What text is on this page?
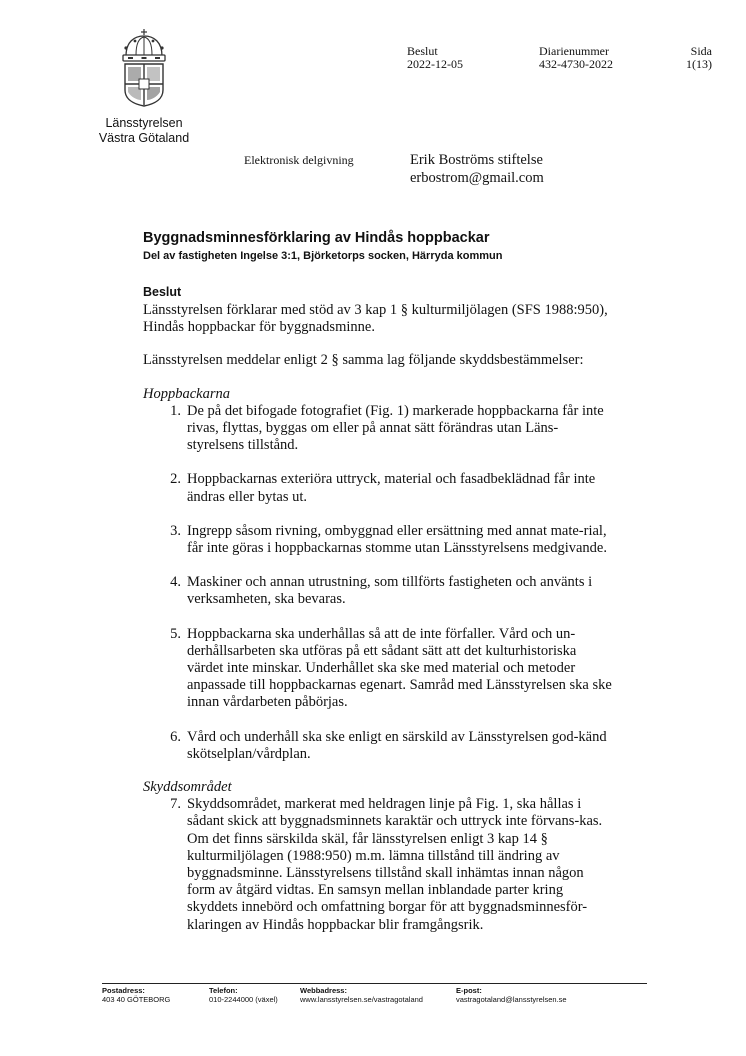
Länsstyrelsen
Västra Götaland
Beslut
2022-12-05
Diarienummer
432-4730-2022
Sida
1(13)
Elektronisk delgivning	Erik Boströms stiftelse
erbostrom@gmail.com
Byggnadsminnesförklaring av Hindås hoppbackar

Del av fastigheten Ingelse 3:1, Björketorps socken, Härryda kommun

Beslut

Länsstyrelsen förklarar med stöd av 3 kap 1 § kulturmiljölagen (SFS 1988:950), Hindås hoppbackar för byggnadsminne.

Länsstyrelsen meddelar enligt 2 § samma lag följande skyddsbestämmelser:

Hoppbackarna

1. De på det bifogade fotografiet (Fig. 1) markerade hoppbackarna får inte rivas, flyttas, byggas om eller på annat sätt förändras utan Läns-styrelsens tillstånd.
2. Hoppbackarnas exteriöra uttryck, material och fasadbeklädnad får inte ändras eller bytas ut.
3. Ingrepp såsom rivning, ombyggnad eller ersättning med annat mate-rial, får inte göras i hoppbackarnas stomme utan Länsstyrelsens medgivande.
4. Maskiner och annan utrustning, som tillförts fastigheten och använts i verksamheten, ska bevaras.
5. Hoppbackarna ska underhållas så att de inte förfaller. Vård och un-derhållsarbeten ska utföras på ett sådant sätt att det kulturhistoriska värdet inte minskar. Underhållet ska ske med material och metoder anpassade till hoppbackarnas egenart. Samråd med Länsstyrelsen ska ske innan vårdarbeten påbörjas.
6. Vård och underhåll ska ske enligt en särskild av Länsstyrelsen god-känd skötselplan/vårdplan.

Skyddsområdet

7. Skyddsområdet, markerat med heldragen linje på Fig. 1, ska hållas i sådant skick att byggnadsminnets karaktär och uttryck inte förvans-kas. Om det finns särskilda skäl, får länsstyrelsen enligt 3 kap 14 § kulturmiljölagen (1988:950) m.m. lämna tillstånd till ändring av byggnadsminne. Länsstyrelsens tillstånd skall inhämtas innan någon form av åtgärd vidtas. En samsyn mellan inblandade parter kring skyddets innebörd och omfattning borgar för att byggnadsminnesför-klaringen av Hindås hoppbackar blir framgångsrik.
Postadress:
403 40 GÖTEBORG
Telefon:
010-2244000 (växel)
Webbadress:
www.lansstyrelsen.se/vastragotaland
E-post:
vastragotaland@lansstyrelsen.se
